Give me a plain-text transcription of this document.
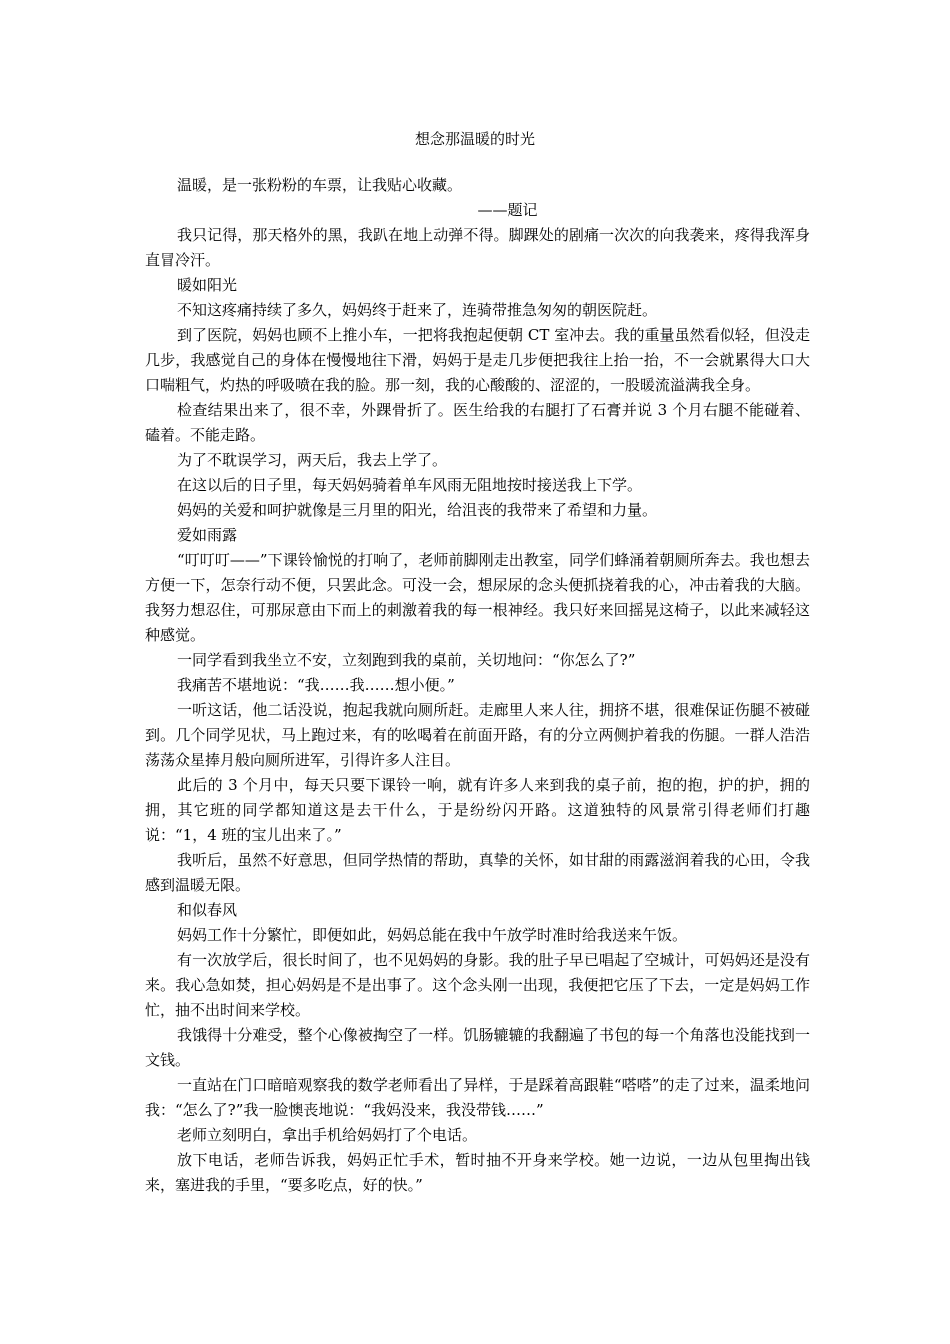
想念那温暖的时光

温暖，是一张粉粉的车票，让我贴心收藏。

——题记

我只记得，那天格外的黑，我趴在地上动弹不得。脚踝处的剧痛一次次的向我袭来，疼得我浑身直冒冷汗。

暖如阳光

不知这疼痛持续了多久，妈妈终于赶来了，连骑带推急匆匆的朝医院赶。

到了医院，妈妈也顾不上推小车，一把将我抱起便朝 CT 室冲去。我的重量虽然看似轻，但没走几步，我感觉自己的身体在慢慢地往下滑，妈妈于是走几步便把我往上抬一抬，不一会就累得大口大口喘粗气，灼热的呼吸喷在我的脸。那一刻，我的心酸酸的、涩涩的，一股暖流溢满我全身。

检查结果出来了，很不幸，外踝骨折了。医生给我的右腿打了石膏并说 3 个月右腿不能碰着、磕着。不能走路。

为了不耽误学习，两天后，我去上学了。

在这以后的日子里，每天妈妈骑着单车风雨无阻地按时接送我上下学。

妈妈的关爱和呵护就像是三月里的阳光，给沮丧的我带来了希望和力量。

爱如雨露

“叮叮叮——”下课铃愉悦的打响了，老师前脚刚走出教室，同学们蜂涌着朝厕所奔去。我也想去方便一下，怎奈行动不便，只罢此念。可没一会，想尿尿的念头便抓挠着我的心，冲击着我的大脑。我努力想忍住，可那尿意由下而上的刺激着我的每一根神经。我只好来回摇晃这椅子，以此来减轻这种感觉。

一同学看到我坐立不安，立刻跑到我的桌前，关切地问：“你怎么了?”

我痛苦不堪地说：“我……我……想小便。”

一听这话，他二话没说，抱起我就向厕所赶。走廊里人来人往，拥挤不堪，很难保证伤腿不被碰到。几个同学见状，马上跑过来，有的吆喝着在前面开路，有的分立两侧护着我的伤腿。一群人浩浩荡荡众星捧月般向厕所进军，引得许多人注目。

此后的 3 个月中，每天只要下课铃一响，就有许多人来到我的桌子前，抱的抱，护的护，拥的拥，其它班的同学都知道这是去干什么，于是纷纷闪开路。这道独特的风景常引得老师们打趣说：“1，4 班的宝儿出来了。”

我听后，虽然不好意思，但同学热情的帮助，真挚的关怀，如甘甜的雨露滋润着我的心田，令我感到温暖无限。

和似春风

妈妈工作十分繁忙，即便如此，妈妈总能在我中午放学时准时给我送来午饭。

有一次放学后，很长时间了，也不见妈妈的身影。我的肚子早已唱起了空城计，可妈妈还是没有来。我心急如焚，担心妈妈是不是出事了。这个念头刚一出现，我便把它压了下去，一定是妈妈工作忙，抽不出时间来学校。

我饿得十分难受，整个心像被掏空了一样。饥肠辘辘的我翻遍了书包的每一个角落也没能找到一文钱。

一直站在门口暗暗观察我的数学老师看出了异样，于是踩着高跟鞋“嗒嗒”的走了过来，温柔地问我：“怎么了?”我一脸懊丧地说：“我妈没来，我没带钱……”

老师立刻明白，拿出手机给妈妈打了个电话。

放下电话，老师告诉我，妈妈正忙手术，暂时抽不开身来学校。她一边说，一边从包里掏出钱来，塞进我的手里，“要多吃点，好的快。”
